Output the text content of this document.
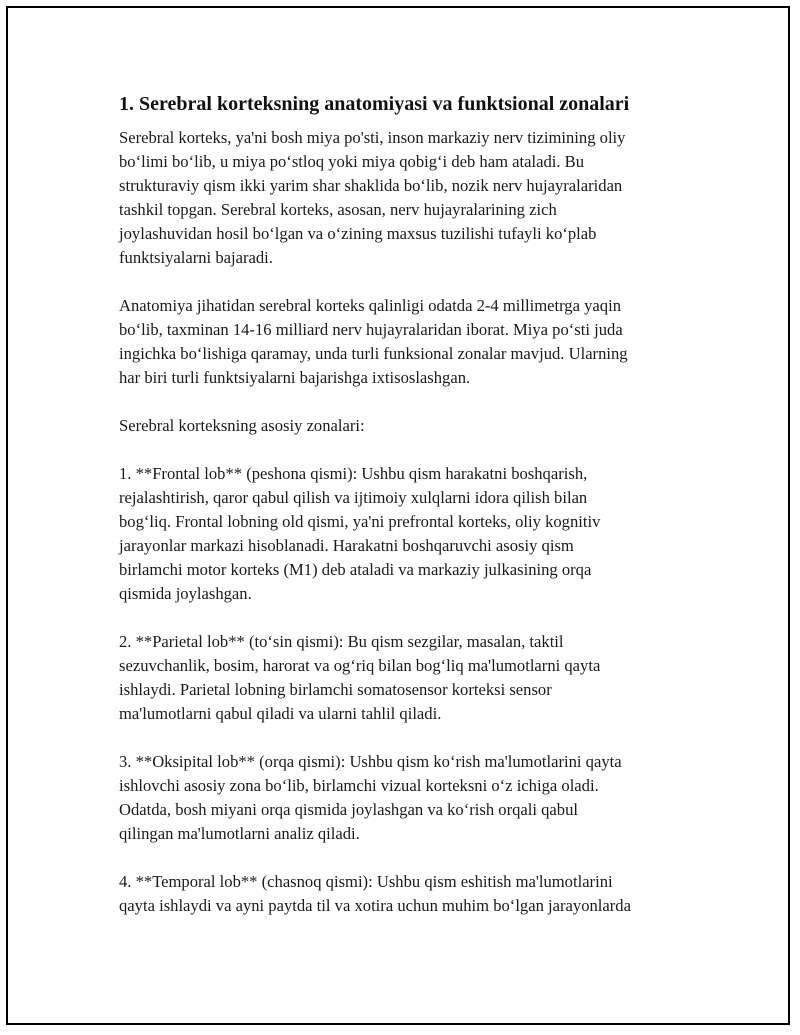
1. Serebral korteksning anatomiyasi va funktsional zonalari
Serebral korteks, ya'ni bosh miya po'sti, inson markaziy nerv tizimining oliy
bo‘limi bo‘lib, u miya po‘stloq yoki miya qobig‘i deb ham ataladi. Bu
strukturaviy qism ikki yarim shar shaklida bo‘lib, nozik nerv hujayralaridan
tashkil topgan. Serebral korteks, asosan, nerv hujayralarining zich
joylashuvidan hosil bo‘lgan va o‘zining maxsus tuzilishi tufayli ko‘plab
funktsiyalarni bajaradi.
Anatomiya jihatidan serebral korteks qalinligi odatda 2-4 millimetrga yaqin
bo‘lib, taxminan 14-16 milliard nerv hujayralaridan iborat. Miya po‘sti juda
ingichka bo‘lishiga qaramay, unda turli funksional zonalar mavjud. Ularning
har biri turli funktsiyalarni bajarishga ixtisoslashgan.
Serebral korteksning asosiy zonalari:
1. **Frontal lob** (peshona qismi): Ushbu qism harakatni boshqarish,
rejalashtirish, qaror qabul qilish va ijtimoiy xulqlarni idora qilish bilan
bog‘liq. Frontal lobning old qismi, ya'ni prefrontal korteks, oliy kognitiv
jarayonlar markazi hisoblanadi. Harakatni boshqaruvchi asosiy qism
birlamchi motor korteks (M1) deb ataladi va markaziy julkasining orqa
qismida joylashgan.
2. **Parietal lob** (to‘sin qismi): Bu qism sezgilar, masalan, taktil
sezuvchanlik, bosim, harorat va og‘riq bilan bog‘liq ma'lumotlarni qayta
ishlaydi. Parietal lobning birlamchi somatosensor korteksi sensor
ma'lumotlarni qabul qiladi va ularni tahlil qiladi.
3. **Oksipital lob** (orqa qismi): Ushbu qism ko‘rish ma'lumotlarini qayta
ishlovchi asosiy zona bo‘lib, birlamchi vizual korteksni o‘z ichiga oladi.
Odatda, bosh miyani orqa qismida joylashgan va ko‘rish orqali qabul
qilingan ma'lumotlarni analiz qiladi.
4. **Temporal lob** (chasnoq qismi): Ushbu qism eshitish ma'lumotlarini
qayta ishlaydi va ayni paytda til va xotira uchun muhim bo‘lgan jarayonlarda
